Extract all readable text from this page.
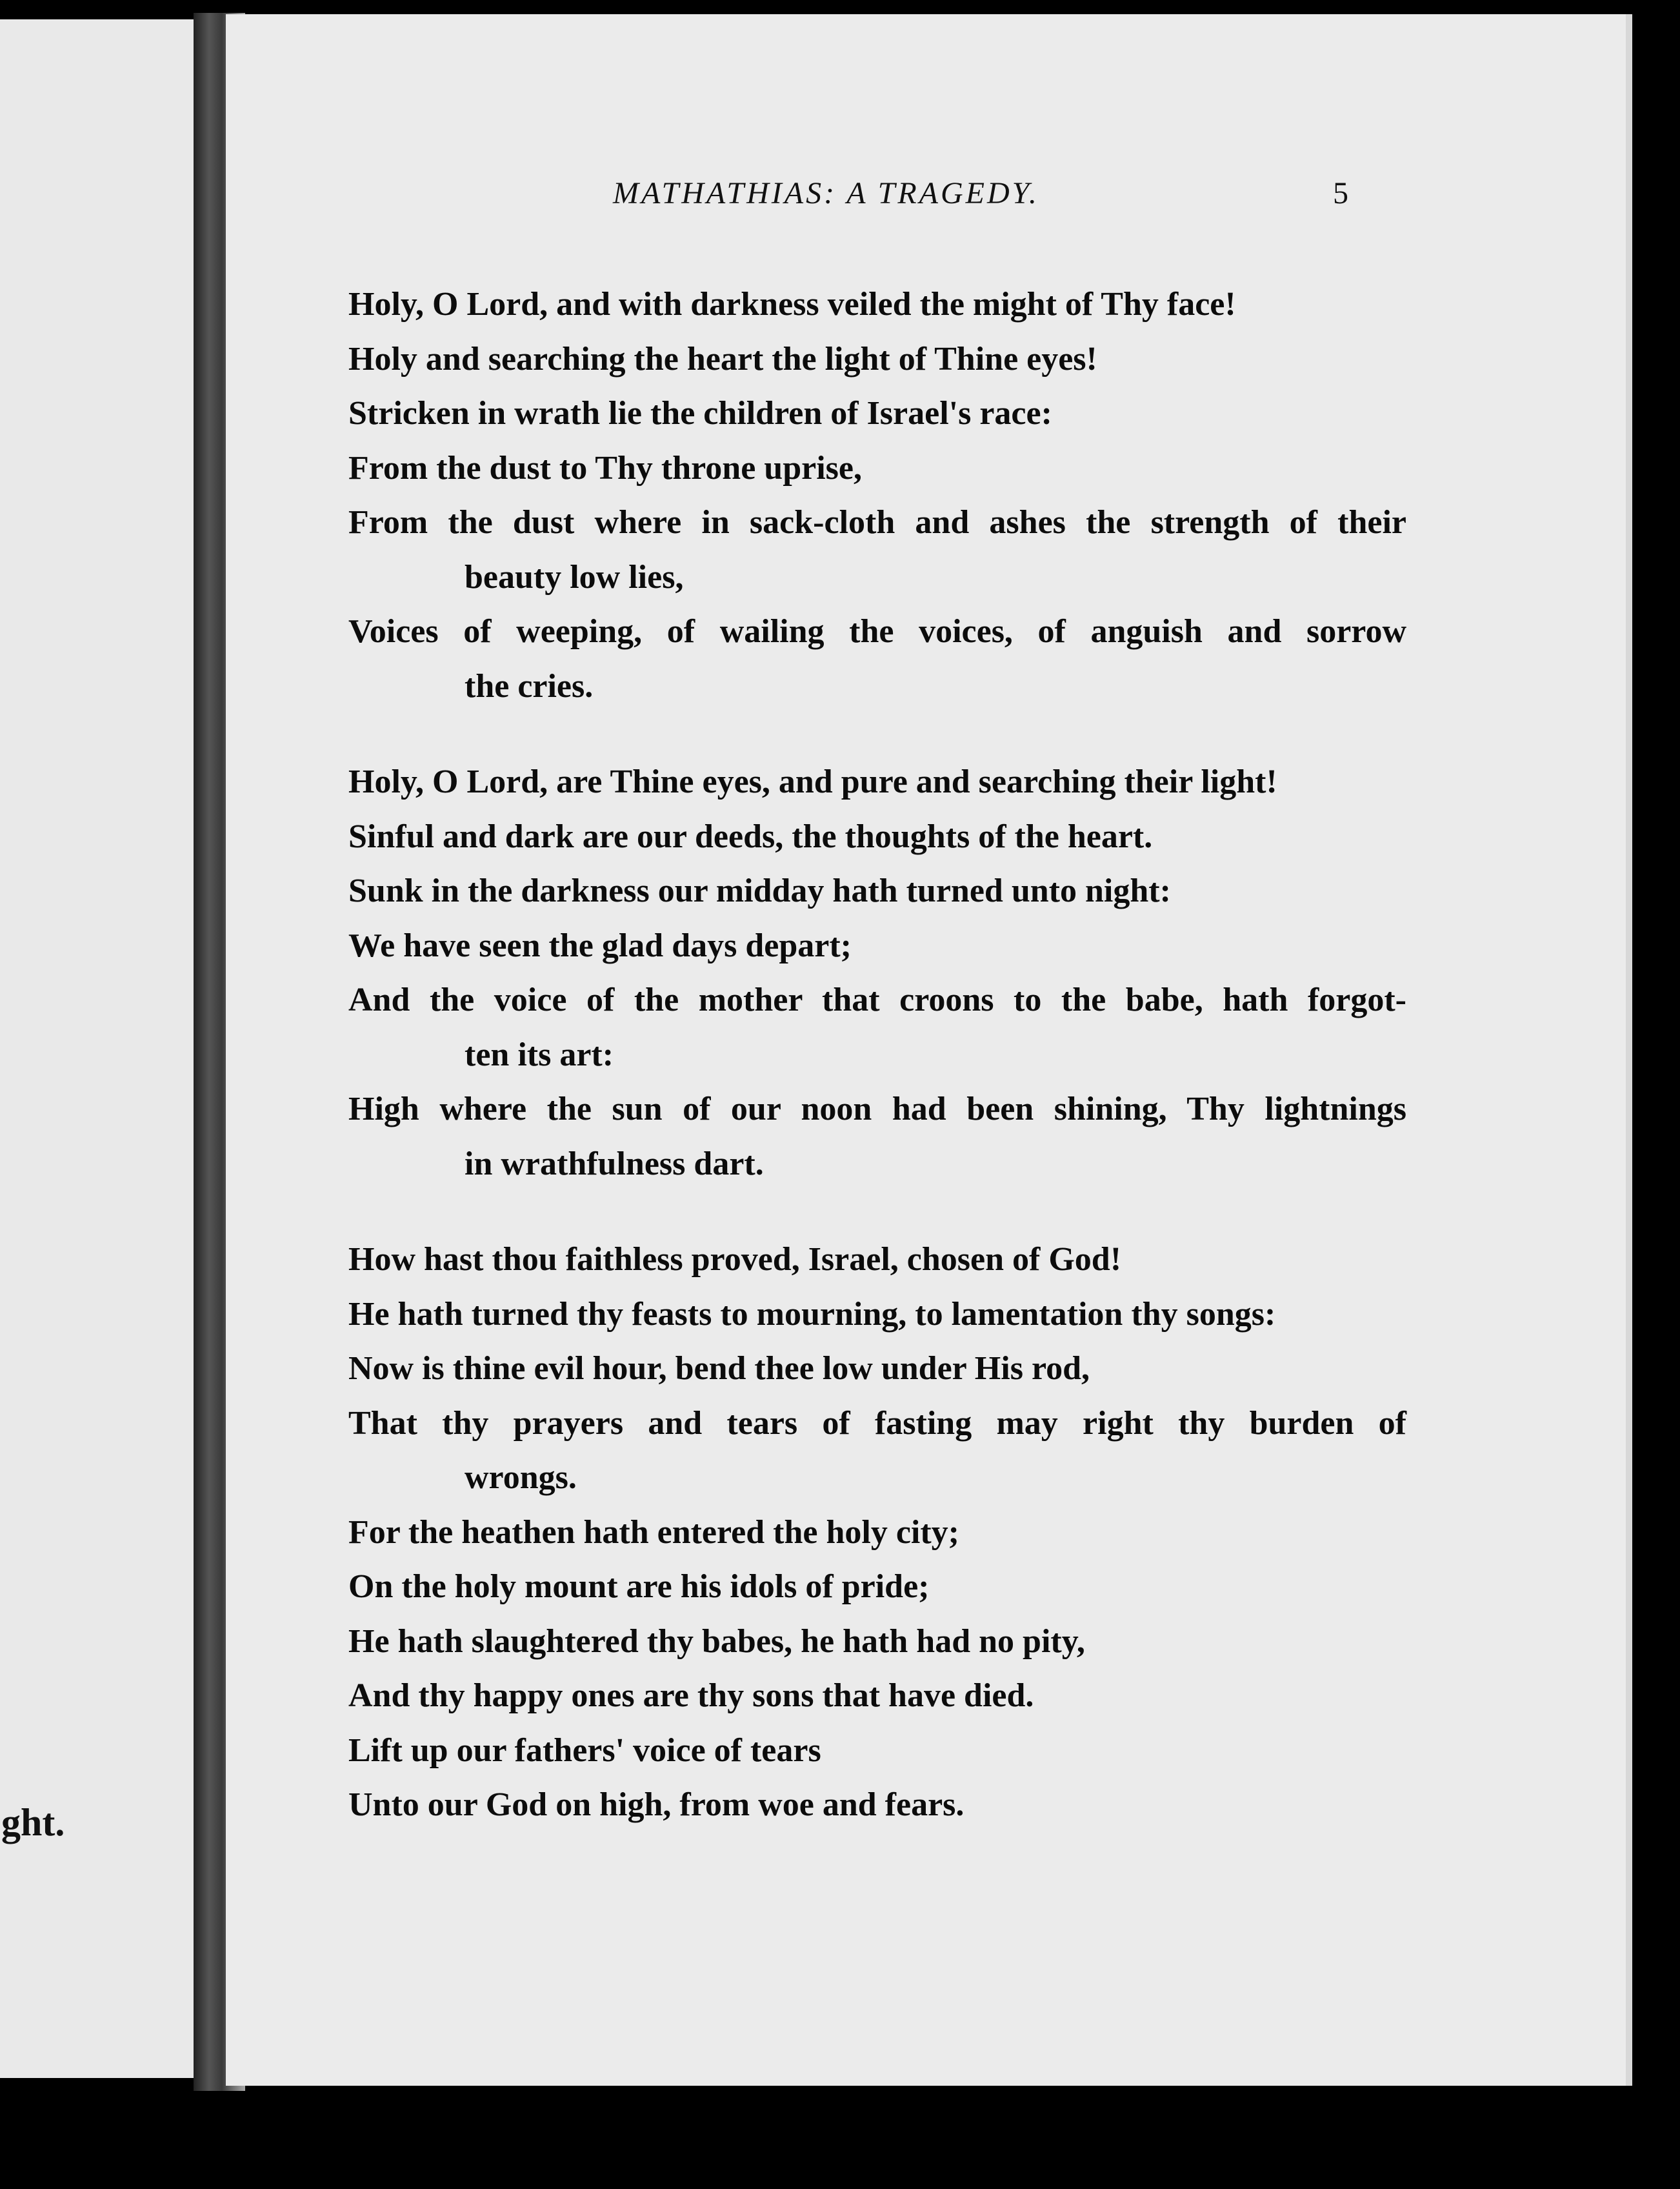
ght.
MATHATHIAS: A TRAGEDY.	5
Holy, O Lord, and with darkness veiled the might of Thy face!
Holy and searching the heart the light of Thine eyes!
Stricken in wrath lie the children of Israel's race:
From the dust to Thy throne uprise,
From the dust where in sack-cloth and ashes the strength of their
beauty low lies,
Voices of weeping, of wailing the voices, of anguish and sorrow
the cries.
Holy, O Lord, are Thine eyes, and pure and searching their light!
Sinful and dark are our deeds, the thoughts of the heart.
Sunk in the darkness our midday hath turned unto night:
We have seen the glad days depart;
And the voice of the mother that croons to the babe, hath forgot-
ten its art:
High where the sun of our noon had been shining, Thy lightnings
in wrathfulness dart.
How hast thou faithless proved, Israel, chosen of God!
He hath turned thy feasts to mourning, to lamentation thy songs:
Now is thine evil hour, bend thee low under His rod,
That thy prayers and tears of fasting may right thy burden of
wrongs.
For the heathen hath entered the holy city;
On the holy mount are his idols of pride;
He hath slaughtered thy babes, he hath had no pity,
And thy happy ones are thy sons that have died.
Lift up our fathers' voice of tears
Unto our God on high, from woe and fears.
